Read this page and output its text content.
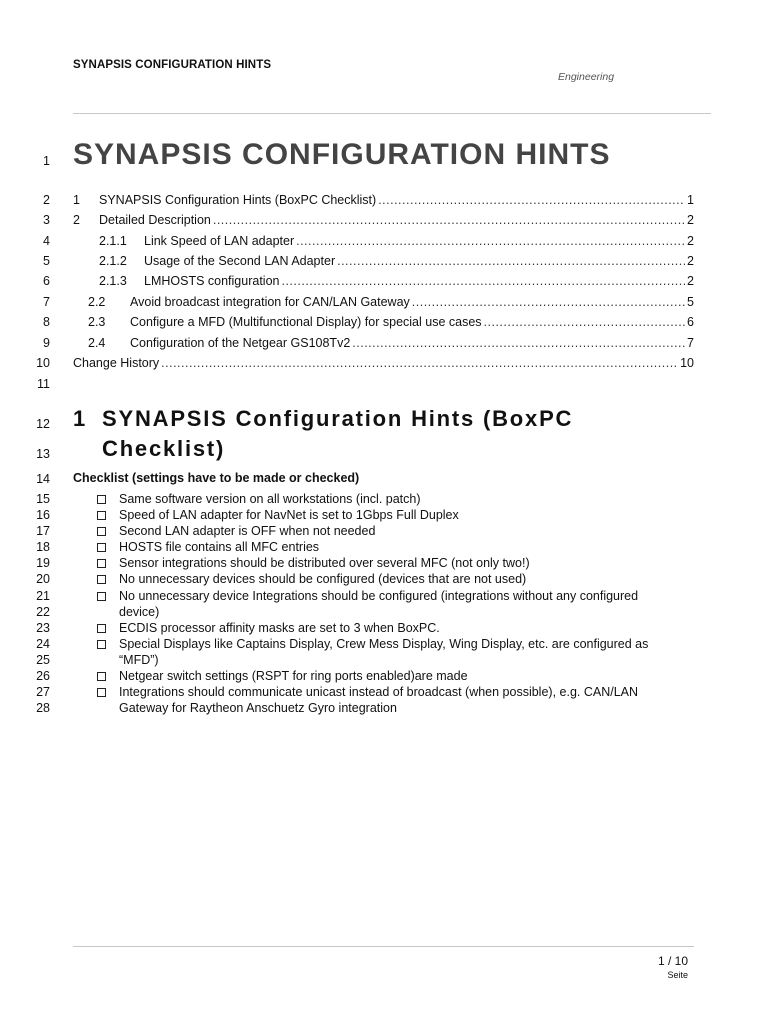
SYNAPSIS CONFIGURATION HINTS
Engineering
1
2
3
4
5
6
7
8
9
10
11
12
13
14
15
16
17
18
19
20
21
22
23
24
25
26
27
28
SYNAPSIS CONFIGURATION HINTS
1	SYNAPSIS Configuration Hints (BoxPC Checklist) .....	1
2	Detailed Description .....	2
2.1.1	Link Speed of LAN adapter .....	2
2.1.2	Usage of the Second LAN Adapter .....	2
2.1.3	LMHOSTS configuration .....	2
2.2	Avoid broadcast integration for CAN/LAN Gateway .....	5
2.3	Configure a MFD (Multifunctional Display) for special use cases .....	6
2.4	Configuration of the Netgear GS108Tv2 .....	7
Change History .....	10
1 SYNAPSIS Configuration Hints (BoxPC
Checklist)
Checklist (settings have to be made or checked)
Same software version on all workstations (incl. patch)
Speed of LAN adapter for NavNet is set to 1Gbps Full Duplex
Second LAN adapter is OFF when not needed
HOSTS file contains all MFC entries
Sensor integrations should be distributed over several MFC (not only two!)
No unnecessary devices should be configured (devices that are not used)
No unnecessary device Integrations should be configured (integrations without any configured device)
ECDIS processor affinity masks are set to 3 when BoxPC.
Special Displays like Captains Display, Crew Mess Display, Wing Display, etc. are configured as “MFD”)
Netgear switch settings (RSPT for ring ports enabled)are made
Integrations should communicate unicast instead of broadcast (when possible), e.g. CAN/LAN Gateway for Raytheon Anschuetz Gyro integration
1 / 10
Seite
